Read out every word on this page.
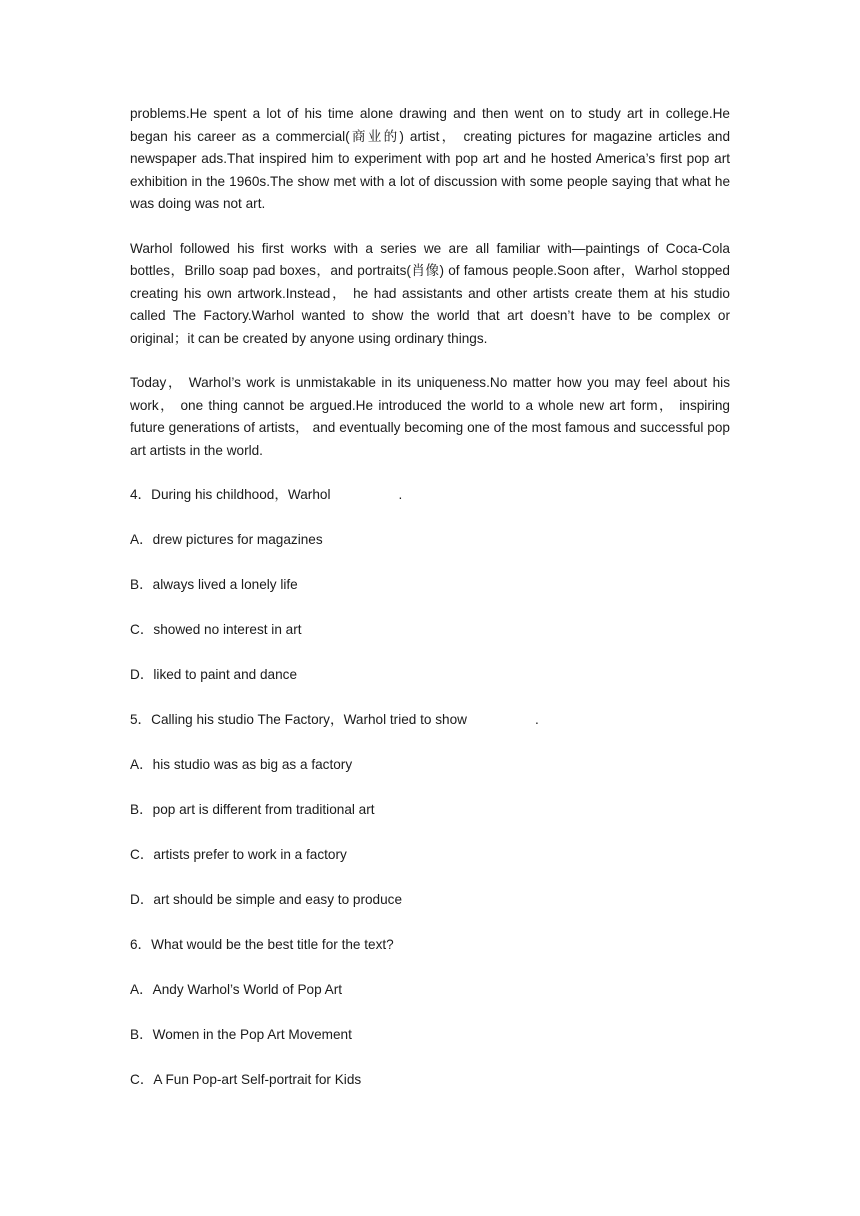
problems.He spent a lot of his time alone drawing and then went on to study art in college.He began his career as a commercial(商业的) artist， creating pictures for magazine articles and newspaper ads.That inspired him to experiment with pop art and he hosted America’s first pop art exhibition in the 1960s.The show met with a lot of discussion with some people saying that what he was doing was not art.

Warhol followed his first works with a series we are all familiar with—paintings of Coca-Cola bottles，Brillo soap pad boxes，and portraits(肖像) of famous people.Soon after，Warhol stopped creating his own artwork.Instead， he had assistants and other artists create them at his studio called The Factory.Warhol wanted to show the world that art doesn’t have to be complex or original；it can be created by anyone using ordinary things.

Today， Warhol’s work is unmistakable in its uniqueness.No matter how you may feel about his work， one thing cannot be argued.He introduced the world to a whole new art form， inspiring future generations of artists， and eventually becoming one of the most famous and successful pop art artists in the world.

4．During his childhood，Warhol	.

A．drew pictures for magazines

B．always lived a lonely life

C．showed no interest in art

D．liked to paint and dance

5．Calling his studio The Factory，Warhol tried to show	.

A．his studio was as big as a factory

B．pop art is different from traditional art

C．artists prefer to work in a factory

D．art should be simple and easy to produce

6．What would be the best title for the text?

A．Andy Warhol’s World of Pop Art

B．Women in the Pop Art Movement

C．A Fun Pop-art Self-portrait for Kids
